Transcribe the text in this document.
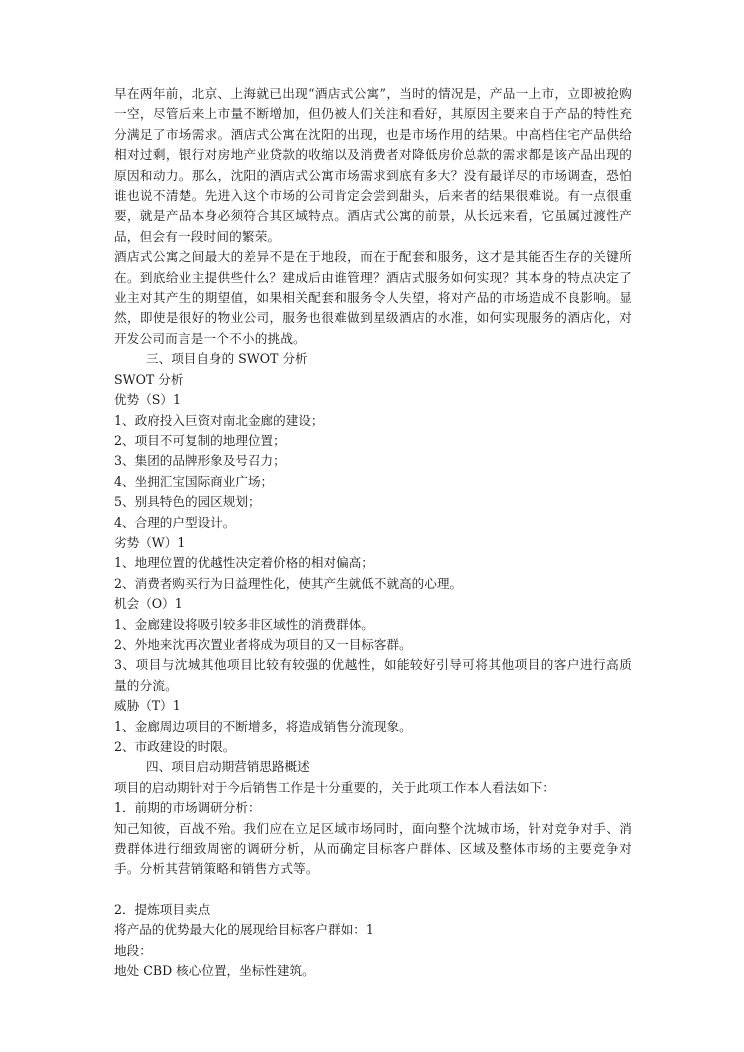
早在两年前，北京、上海就已出现“酒店式公寓”，当时的情况是，产品一上市，立即被抢购一空，尽管后来上市量不断增加，但仍被人们关注和看好，其原因主要来自于产品的特性充分满足了市场需求。酒店式公寓在沈阳的出现，也是市场作用的结果。中高档住宅产品供给相对过剩，银行对房地产业贷款的收缩以及消费者对降低房价总款的需求都是该产品出现的原因和动力。那么，沈阳的酒店式公寓市场需求到底有多大？没有最详尽的市场调查，恐怕谁也说不清楚。先进入这个市场的公司肯定会尝到甜头，后来者的结果很难说。有一点很重要，就是产品本身必须符合其区域特点。酒店式公寓的前景，从长远来看，它虽属过渡性产品，但会有一段时间的繁荣。

酒店式公寓之间最大的差异不是在于地段，而在于配套和服务，这才是其能否生存的关键所在。到底给业主提供些什么？建成后由谁管理？酒店式服务如何实现？其本身的特点决定了业主对其产生的期望值，如果相关配套和服务令人失望，将对产品的市场造成不良影响。显然，即使是很好的物业公司，服务也很难做到星级酒店的水准，如何实现服务的酒店化，对开发公司而言是一个不小的挑战。

三、项目自身的 SWOT 分析

SWOT 分析

优势（S）1

1、政府投入巨资对南北金廊的建设；

2、项目不可复制的地理位置；

3、集团的品牌形象及号召力；

4、坐拥汇宝国际商业广场；

5、别具特色的园区规划；

4、合理的户型设计。

劣势（W）1

1、地理位置的优越性决定着价格的相对偏高；

2、消费者购买行为日益理性化，使其产生就低不就高的心理。

机会（O）1

1、金廊建设将吸引较多非区域性的消费群体。

2、外地来沈再次置业者将成为项目的又一目标客群。

3、项目与沈城其他项目比较有较强的优越性，如能较好引导可将其他项目的客户进行高质量的分流。

威胁（T）1

1、金廊周边项目的不断增多，将造成销售分流现象。

2、市政建设的时限。

四、项目启动期营销思路概述

项目的启动期针对于今后销售工作是十分重要的，关于此项工作本人看法如下：

1．前期的市场调研分析：

知己知彼，百战不殆。我们应在立足区域市场同时，面向整个沈城市场，针对竞争对手、消费群体进行细致周密的调研分析，从而确定目标客户群体、区域及整体市场的主要竞争对手。分析其营销策略和销售方式等。

2．提炼项目卖点

将产品的优势最大化的展现给目标客户群如：1

地段：

地处 CBD 核心位置，坐标性建筑。
